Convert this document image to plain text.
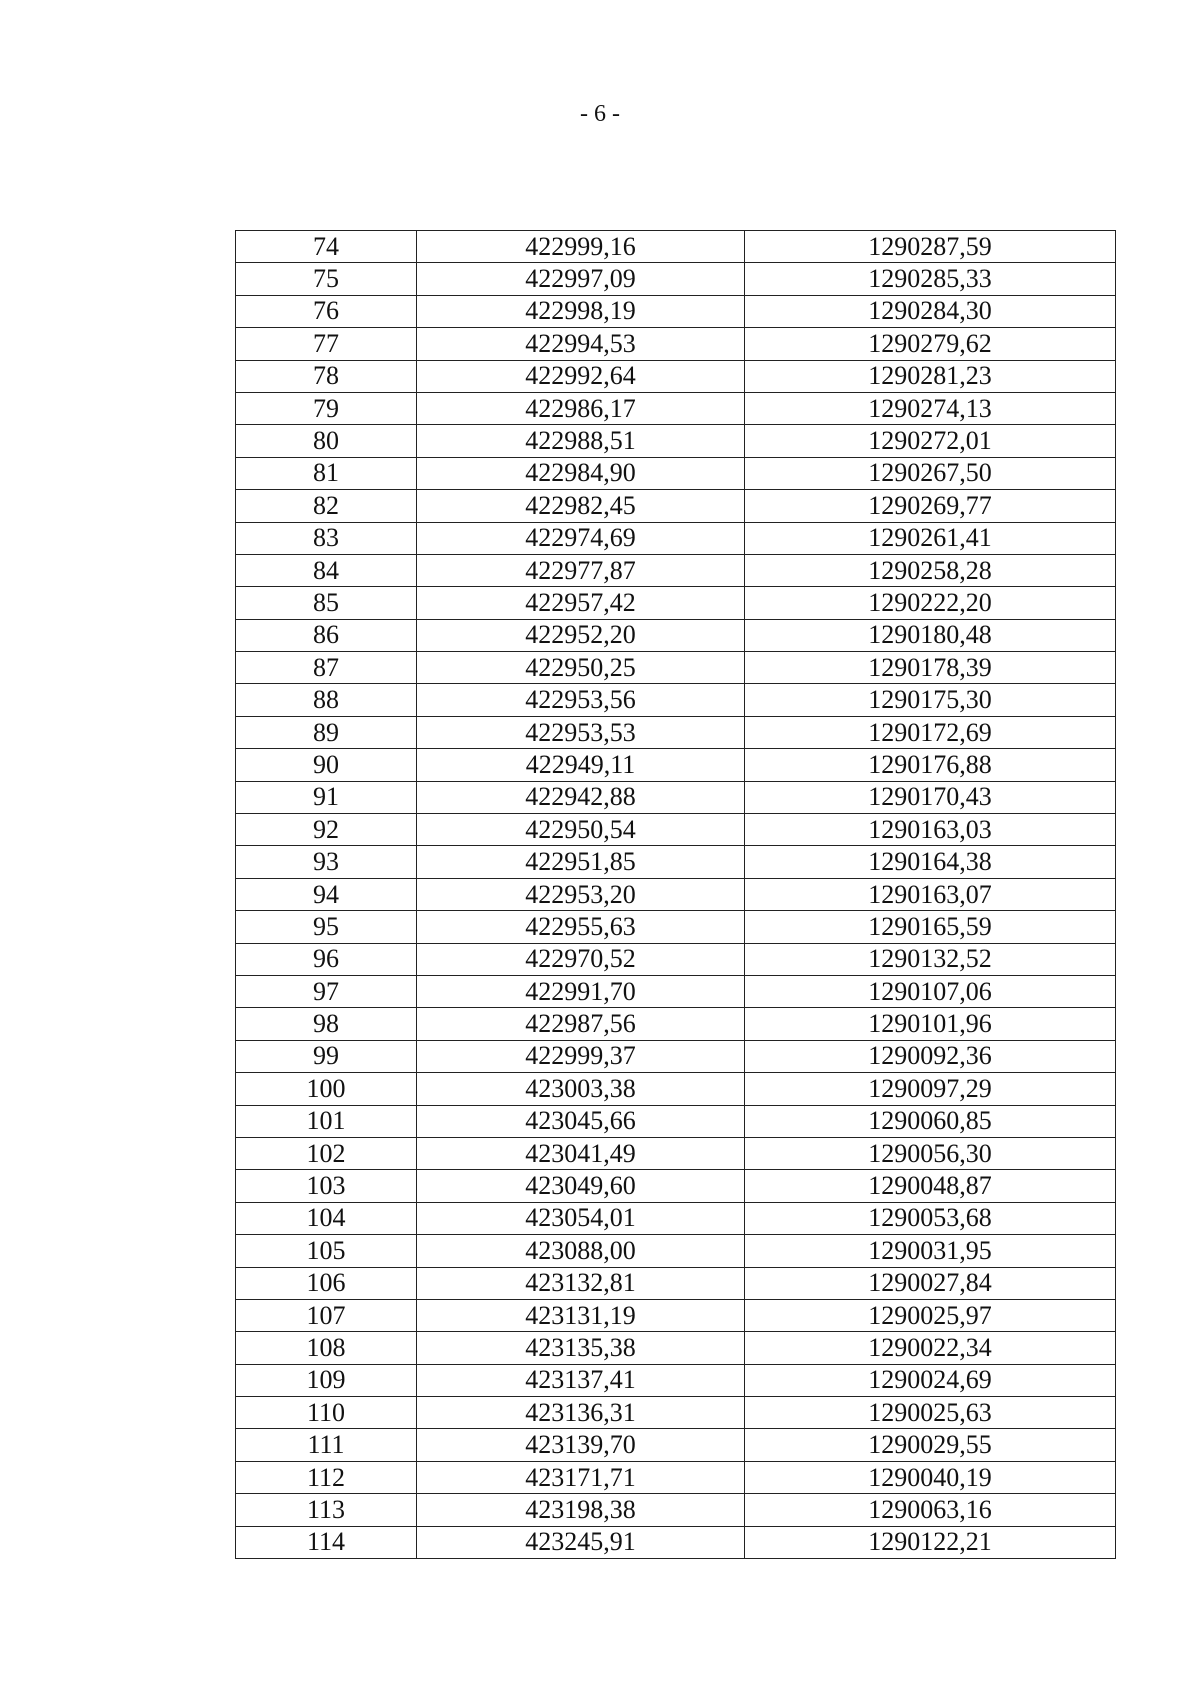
- 6 -
74	422999,16	1290287,59
75	422997,09	1290285,33
76	422998,19	1290284,30
77	422994,53	1290279,62
78	422992,64	1290281,23
79	422986,17	1290274,13
80	422988,51	1290272,01
81	422984,90	1290267,50
82	422982,45	1290269,77
83	422974,69	1290261,41
84	422977,87	1290258,28
85	422957,42	1290222,20
86	422952,20	1290180,48
87	422950,25	1290178,39
88	422953,56	1290175,30
89	422953,53	1290172,69
90	422949,11	1290176,88
91	422942,88	1290170,43
92	422950,54	1290163,03
93	422951,85	1290164,38
94	422953,20	1290163,07
95	422955,63	1290165,59
96	422970,52	1290132,52
97	422991,70	1290107,06
98	422987,56	1290101,96
99	422999,37	1290092,36
100	423003,38	1290097,29
101	423045,66	1290060,85
102	423041,49	1290056,30
103	423049,60	1290048,87
104	423054,01	1290053,68
105	423088,00	1290031,95
106	423132,81	1290027,84
107	423131,19	1290025,97
108	423135,38	1290022,34
109	423137,41	1290024,69
110	423136,31	1290025,63
111	423139,70	1290029,55
112	423171,71	1290040,19
113	423198,38	1290063,16
114	423245,91	1290122,21
